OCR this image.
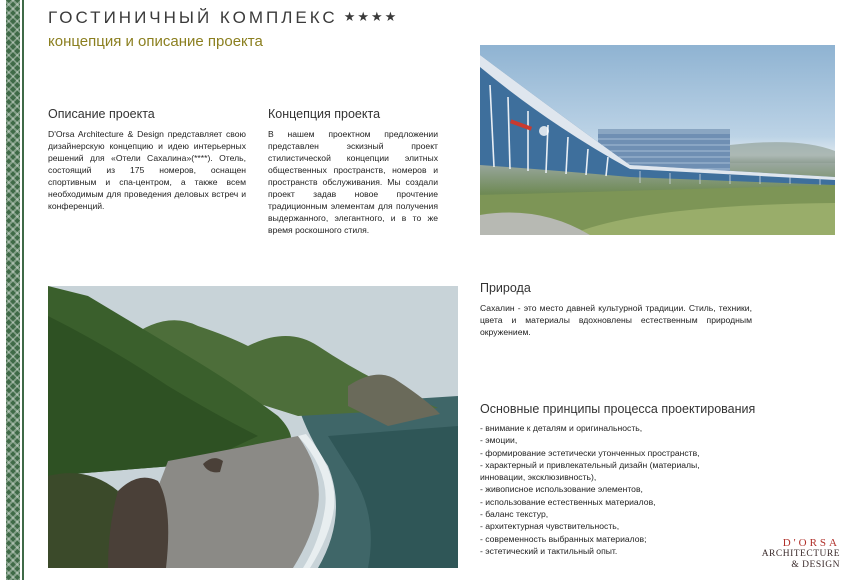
ГОСТИНИЧНЫЙ КОМПЛЕКС ★★★★
концепция и описание проекта
Описание проекта

D'Orsa Architecture & Design представляет свою дизайнерскую концепцию и идею интерьерных решений для «Отели Сахалина»(****). Отель, состоящий из 175 номеров, оснащен спортивным и спа-центром, а также всем необходимым для проведения деловых встреч и конференций.

Концепция проекта

В нашем проектном предложении представлен эскизный проект стилистической концепции элитных общественных пространств, номеров и пространств обслуживания. Мы создали проект задав новое прочтение традиционным элементам для получения выдержанного, элегантного, и в то же время роскошного стиля.

Природа

Сахалин - это место давней культурной традиции. Стиль, техники, цвета и материалы вдохновлены естественным природным окружением.

Основные принципы процесса проектирования
- внимание к деталям и оригинальность,
- эмоции,
- формирование эстетически утонченных пространств,
- характерный и привлекательный дизайн (материалы,
инновации, эксклюзивность),
- живописное использование элементов,
- использование естественных материалов,
- баланс текстур,
- архитектурная чувствительность,
- современность выбранных материалов;
- эстетический и тактильный опыт.
D'ORSA
ARCHITECTURE
& DESIGN
